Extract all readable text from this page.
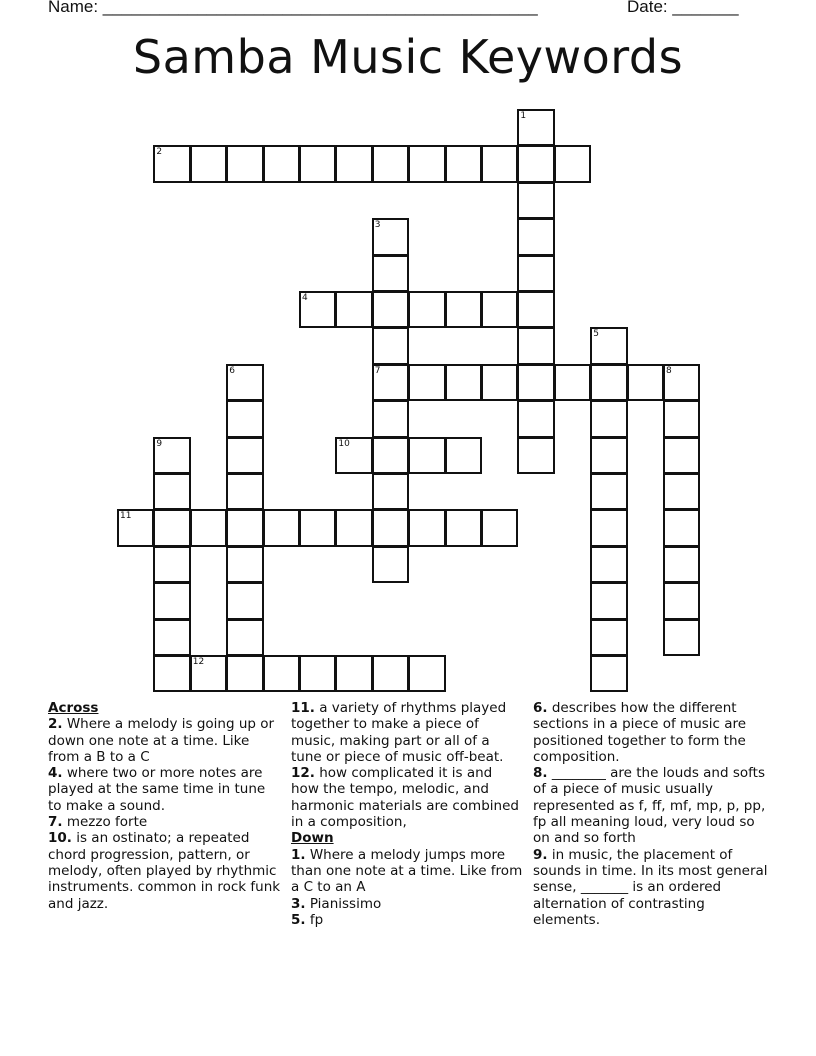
Name: ______________________________________________	Date: _______
Samba Music Keywords
1
2
3
7
4
5
6	8
9	10
11
12
Across
2. Where a melody is going up or down one note at a time. Like from a B to a C
4. where two or more notes are played at the same time in tune to make a sound.
7. mezzo forte
10. is an ostinato; a repeated chord progression, pattern, or melody, often played by rhythmic instruments. common in rock funk and jazz.
11. a variety of rhythms played together to make a piece of music, making part or all of a tune or piece of music off-beat.
12. how complicated it is and how the tempo, melodic, and harmonic materials are combined in a composition,
Down
1. Where a melody jumps more than one note at a time. Like from a C to an A
3. Pianissimo
5. fp
6. describes how the different sections in a piece of music are positioned together to form the composition.
8. ________ are the louds and softs of a piece of music usually represented as f, ff, mf, mp, p, pp, fp all meaning loud, very loud so on and so forth
9. in music, the placement of sounds in time. In its most general sense, _______ is an ordered alternation of contrasting elements.
